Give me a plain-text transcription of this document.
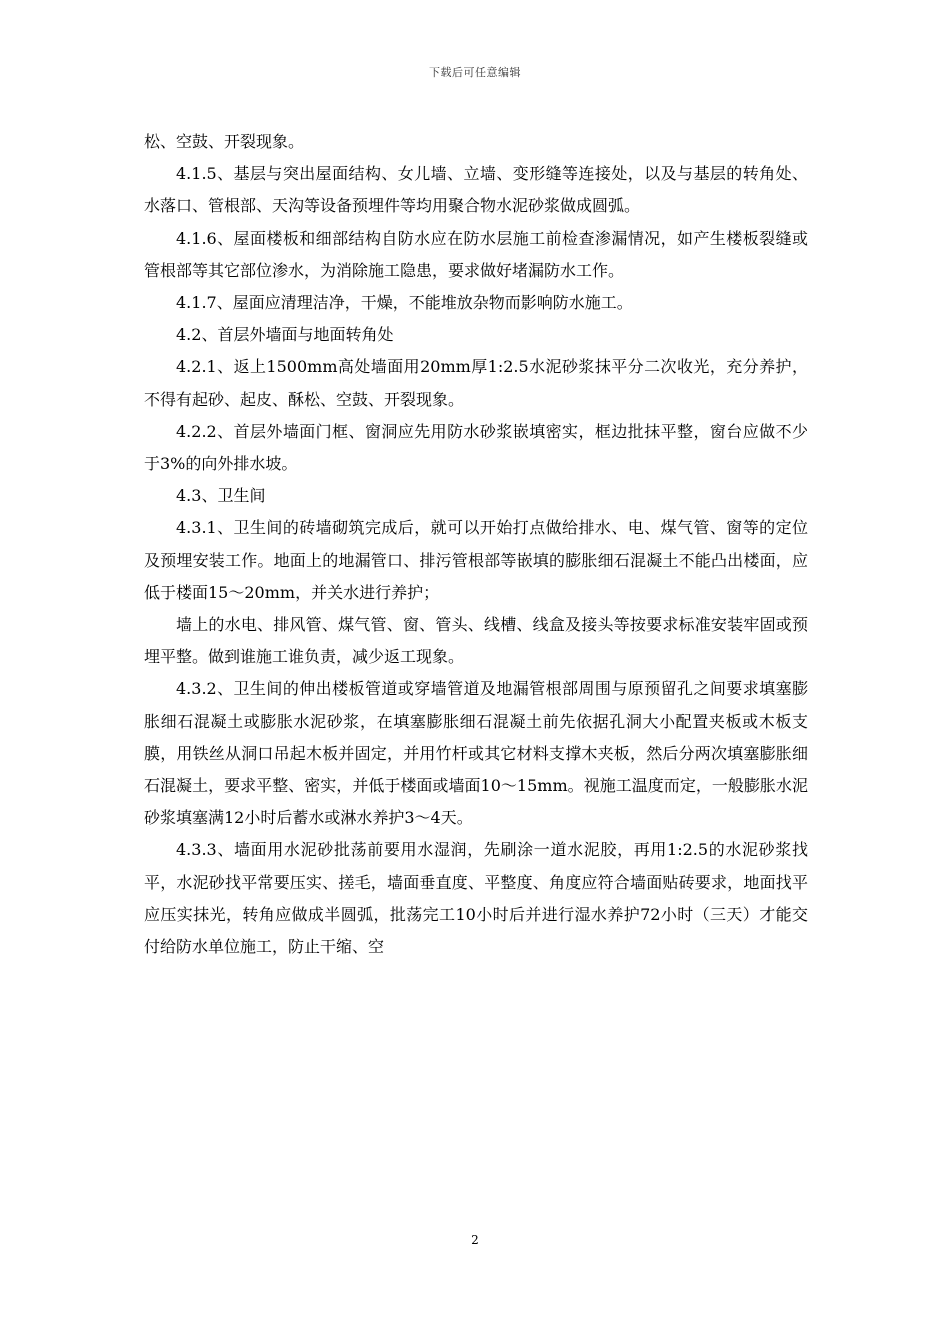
下载后可任意编辑

松、空鼓、开裂现象。

4.1.5、基层与突出屋面结构、女儿墙、立墙、变形缝等连接处，以及与基层的转角处、水落口、管根部、天沟等设备预埋件等均用聚合物水泥砂浆做成圆弧。

4.1.6、屋面楼板和细部结构自防水应在防水层施工前检查渗漏情况，如产生楼板裂缝或管根部等其它部位渗水，为消除施工隐患，要求做好堵漏防水工作。

4.1.7、屋面应清理洁净，干燥，不能堆放杂物而影响防水施工。

4.2、首层外墙面与地面转角处

4.2.1、返上1500mm高处墙面用20mm厚1:2.5水泥砂浆抹平分二次收光，充分养护，不得有起砂、起皮、酥松、空鼓、开裂现象。

4.2.2、首层外墙面门框、窗洞应先用防水砂浆嵌填密实，框边批抹平整，窗台应做不少于3%的向外排水坡。

4.3、卫生间

4.3.1、卫生间的砖墙砌筑完成后，就可以开始打点做给排水、电、煤气管、窗等的定位及预埋安装工作。地面上的地漏管口、排污管根部等嵌填的膨胀细石混凝土不能凸出楼面，应低于楼面15～20mm，并关水进行养护；

墙上的水电、排风管、煤气管、窗、管头、线槽、线盒及接头等按要求标准安装牢固或预埋平整。做到谁施工谁负责，减少返工现象。

4.3.2、卫生间的伸出楼板管道或穿墙管道及地漏管根部周围与原预留孔之间要求填塞膨胀细石混凝土或膨胀水泥砂浆，在填塞膨胀细石混凝土前先依据孔洞大小配置夹板或木板支膜，用铁丝从洞口吊起木板并固定，并用竹杆或其它材料支撑木夹板，然后分两次填塞膨胀细石混凝土，要求平整、密实，并低于楼面或墙面10～15mm。视施工温度而定，一般膨胀水泥砂浆填塞满12小时后蓄水或淋水养护3～4天。

4.3.3、墙面用水泥砂批荡前要用水湿润，先刷涂一道水泥胶，再用1:2.5的水泥砂浆找平，水泥砂找平常要压实、搓毛，墙面垂直度、平整度、角度应符合墙面贴砖要求，地面找平应压实抹光，转角应做成半圆弧，批荡完工10小时后并进行湿水养护72小时（三天）才能交付给防水单位施工，防止干缩、空

2
